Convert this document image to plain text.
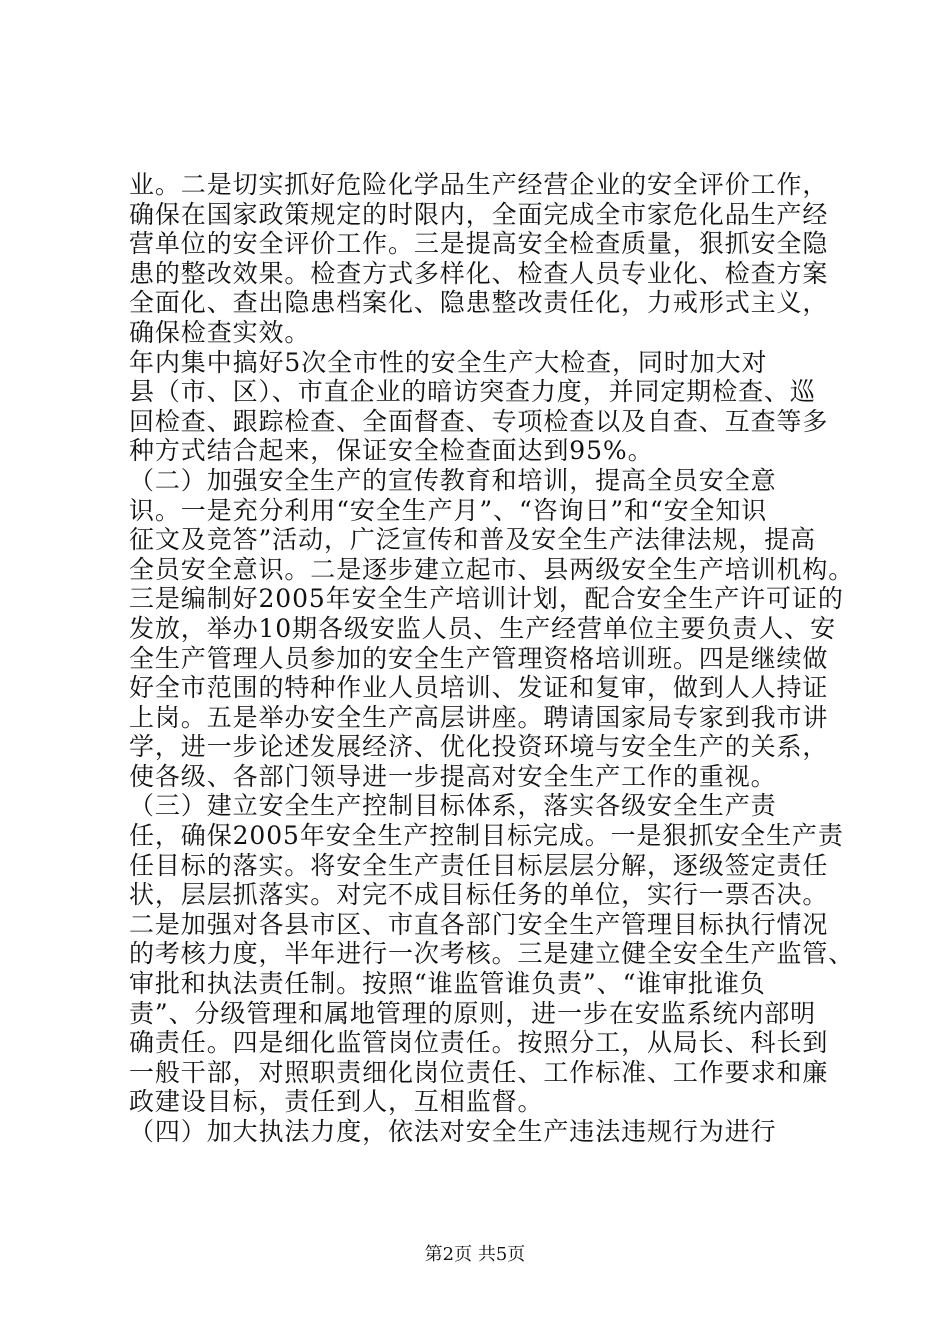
业。二是切实抓好危险化学品生产经营企业的安全评价工作，
确保在国家政策规定的时限内，全面完成全市家危化品生产经
营单位的安全评价工作。三是提高安全检查质量，狠抓安全隐
患的整改效果。检查方式多样化、检查人员专业化、检查方案
全面化、查出隐患档案化、隐患整改责任化，力戒形式主义，
确保检查实效。
年内集中搞好5次全市性的安全生产大检查，同时加大对
县（市、区）、市直企业的暗访突查力度，并同定期检查、巡
回检查、跟踪检查、全面督查、专项检查以及自查、互查等多
种方式结合起来，保证安全检查面达到95%。
（二）加强安全生产的宣传教育和培训，提高全员安全意
识。一是充分利用“安全生产月”、“咨询日”和“安全知识
征文及竞答”活动，广泛宣传和普及安全生产法律法规，提高
全员安全意识。二是逐步建立起市、县两级安全生产培训机构。
三是编制好2005年安全生产培训计划，配合安全生产许可证的
发放，举办10期各级安监人员、生产经营单位主要负责人、安
全生产管理人员参加的安全生产管理资格培训班。四是继续做
好全市范围的特种作业人员培训、发证和复审，做到人人持证
上岗。五是举办安全生产高层讲座。聘请国家局专家到我市讲
学，进一步论述发展经济、优化投资环境与安全生产的关系，
使各级、各部门领导进一步提高对安全生产工作的重视。
（三）建立安全生产控制目标体系，落实各级安全生产责
任，确保2005年安全生产控制目标完成。一是狠抓安全生产责
任目标的落实。将安全生产责任目标层层分解，逐级签定责任
状，层层抓落实。对完不成目标任务的单位，实行一票否决。
二是加强对各县市区、市直各部门安全生产管理目标执行情况
的考核力度，半年进行一次考核。三是建立健全安全生产监管、
审批和执法责任制。按照“谁监管谁负责”、“谁审批谁负
责”、分级管理和属地管理的原则，进一步在安监系统内部明
确责任。四是细化监管岗位责任。按照分工，从局长、科长到
一般干部，对照职责细化岗位责任、工作标准、工作要求和廉
政建设目标，责任到人，互相监督。
（四）加大执法力度，依法对安全生产违法违规行为进行
第2页 共5页
